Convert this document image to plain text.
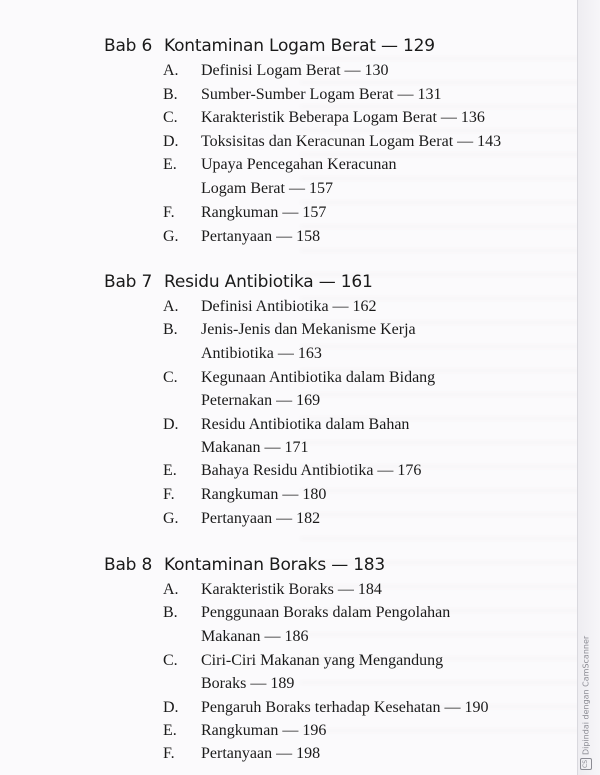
Bab 6 Kontaminan Logam Berat — 129
A. Definisi Logam Berat — 130
B. Sumber-Sumber Logam Berat — 131
C. Karakteristik Beberapa Logam Berat — 136
D. Toksisitas dan Keracunan Logam Berat — 143
E. Upaya Pencegahan Keracunan
Logam Berat — 157
F. Rangkuman — 157
G. Pertanyaan — 158
Bab 7 Residu Antibiotika — 161
A. Definisi Antibiotika — 162
B. Jenis-Jenis dan Mekanisme Kerja
Antibiotika — 163
C. Kegunaan Antibiotika dalam Bidang
Peternakan — 169
D. Residu Antibiotika dalam Bahan
Makanan — 171
E. Bahaya Residu Antibiotika — 176
F. Rangkuman — 180
G. Pertanyaan — 182
Bab 8 Kontaminan Boraks — 183
A. Karakteristik Boraks — 184
B. Penggunaan Boraks dalam Pengolahan
Makanan — 186
C. Ciri-Ciri Makanan yang Mengandung
Boraks — 189
D. Pengaruh Boraks terhadap Kesehatan — 190
E. Rangkuman — 196
F. Pertanyaan — 198
CSDipindai dengan CamScanner
